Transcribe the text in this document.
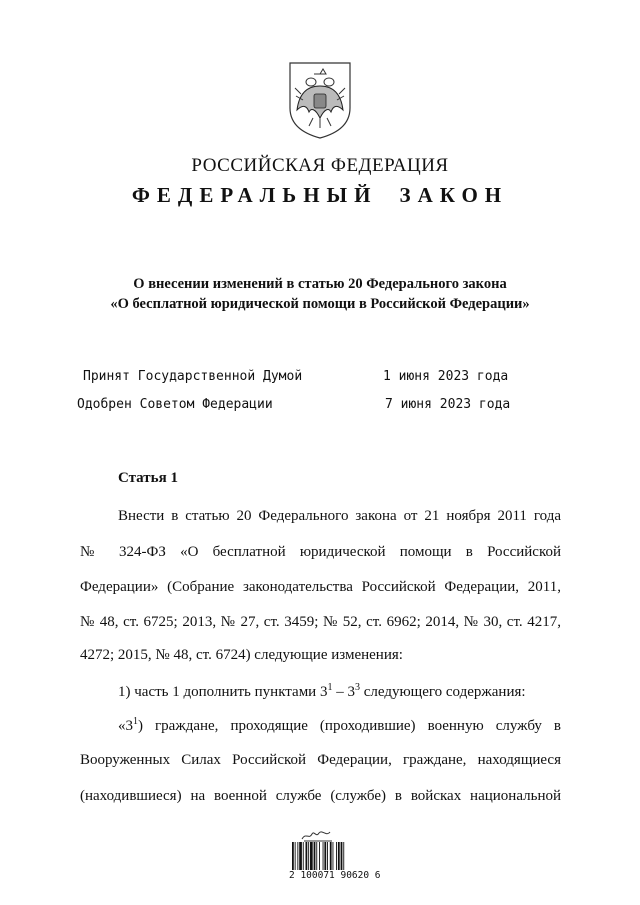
РОССИЙСКАЯ ФЕДЕРАЦИЯ
ФЕДЕРАЛЬНЫЙ ЗАКОН
О внесении изменений в статью 20 Федерального закона
«О бесплатной юридической помощи в Российской Федерации»
Принят Государственной Думой	1 июня 2023 года
Одобрен Советом Федерации	7 июня 2023 года
Статья 1
Внести в статью 20 Федерального закона от 21 ноября 2011 года
№ 324-ФЗ «О бесплатной юридической помощи в Российской
Федерации» (Собрание законодательства Российской Федерации, 2011,
№ 48, ст. 6725; 2013, № 27, ст. 3459; № 52, ст. 6962; 2014, № 30, ст. 4217,
4272; 2015, № 48, ст. 6724) следующие изменения:
1) часть 1 дополнить пунктами $3^1 - 3^3$ следующего содержания:
«$3^1$) граждане, проходящие (проходившие) военную службу в
Вооруженных Силах Российской Федерации, граждане, находящиеся
(находившиеся) на военной службе (службе) в войсках национальной
2 100071 90620 6
